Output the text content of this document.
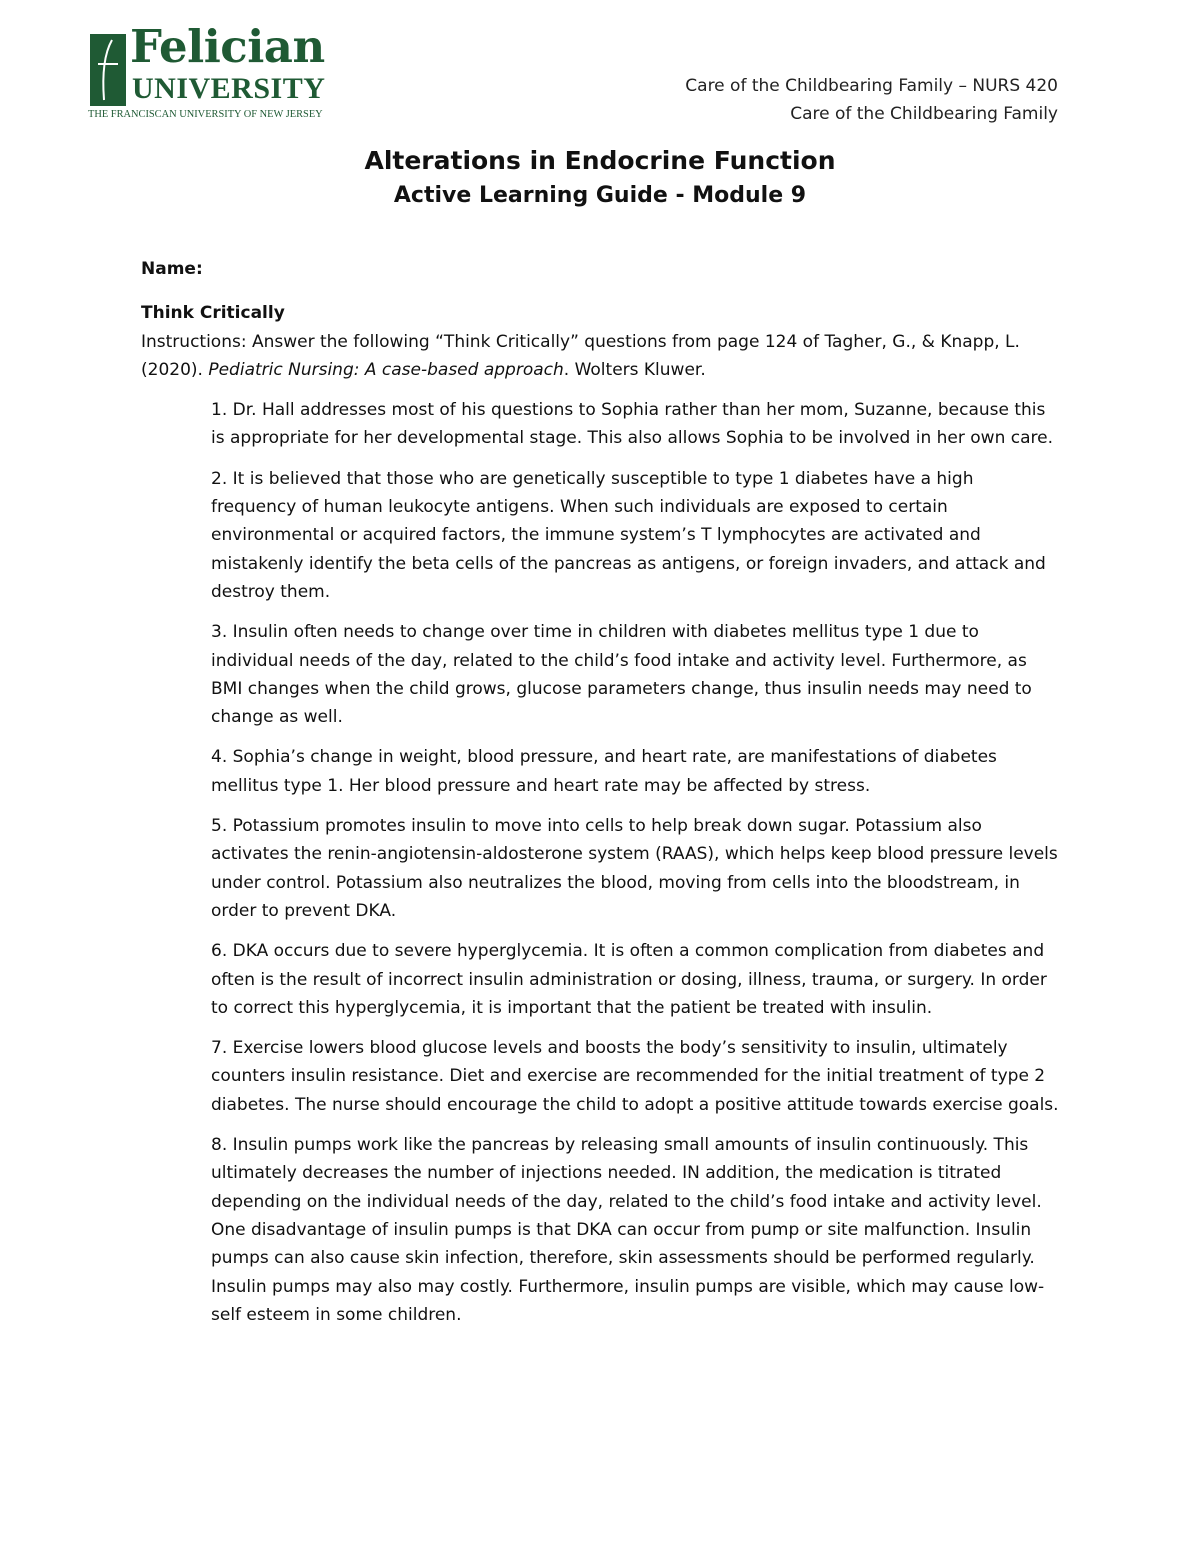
Felician
UNIVERSITY
THE FRANCISCAN UNIVERSITY OF NEW JERSEY
Care of the Childbearing Family – NURS 420
Care of the Childbearing Family
Alterations in Endocrine Function
Active Learning Guide - Module 9

Name:

Think Critically

Instructions: Answer the following “Think Critically” questions from page 124 of Tagher, G., & Knapp, L. (2020). Pediatric Nursing: A case-based approach. Wolters Kluwer.

1. Dr. Hall addresses most of his questions to Sophia rather than her mom, Suzanne, because this is appropriate for her developmental stage. This also allows Sophia to be involved in her own care.
2. It is believed that those who are genetically susceptible to type 1 diabetes have a high frequency of human leukocyte antigens. When such individuals are exposed to certain environmental or acquired factors, the immune system’s T lymphocytes are activated and mistakenly identify the beta cells of the pancreas as antigens, or foreign invaders, and attack and destroy them.
3. Insulin often needs to change over time in children with diabetes mellitus type 1 due to individual needs of the day, related to the child’s food intake and activity level. Furthermore, as BMI changes when the child grows, glucose parameters change, thus insulin needs may need to change as well.
4. Sophia’s change in weight, blood pressure, and heart rate, are manifestations of diabetes mellitus type 1. Her blood pressure and heart rate may be affected by stress.
5. Potassium promotes insulin to move into cells to help break down sugar. Potassium also activates the renin-angiotensin-aldosterone system (RAAS), which helps keep blood pressure levels under control. Potassium also neutralizes the blood, moving from cells into the bloodstream, in order to prevent DKA.
6. DKA occurs due to severe hyperglycemia. It is often a common complication from diabetes and often is the result of incorrect insulin administration or dosing, illness, trauma, or surgery. In order to correct this hyperglycemia, it is important that the patient be treated with insulin.
7. Exercise lowers blood glucose levels and boosts the body’s sensitivity to insulin, ultimately counters insulin resistance. Diet and exercise are recommended for the initial treatment of type 2 diabetes. The nurse should encourage the child to adopt a positive attitude towards exercise goals.
8. Insulin pumps work like the pancreas by releasing small amounts of insulin continuously. This ultimately decreases the number of injections needed. IN addition, the medication is titrated depending on the individual needs of the day, related to the child’s food intake and activity level. One disadvantage of insulin pumps is that DKA can occur from pump or site malfunction. Insulin pumps can also cause skin infection, therefore, skin assessments should be performed regularly. Insulin pumps may also may costly. Furthermore, insulin pumps are visible, which may cause low-self esteem in some children.
